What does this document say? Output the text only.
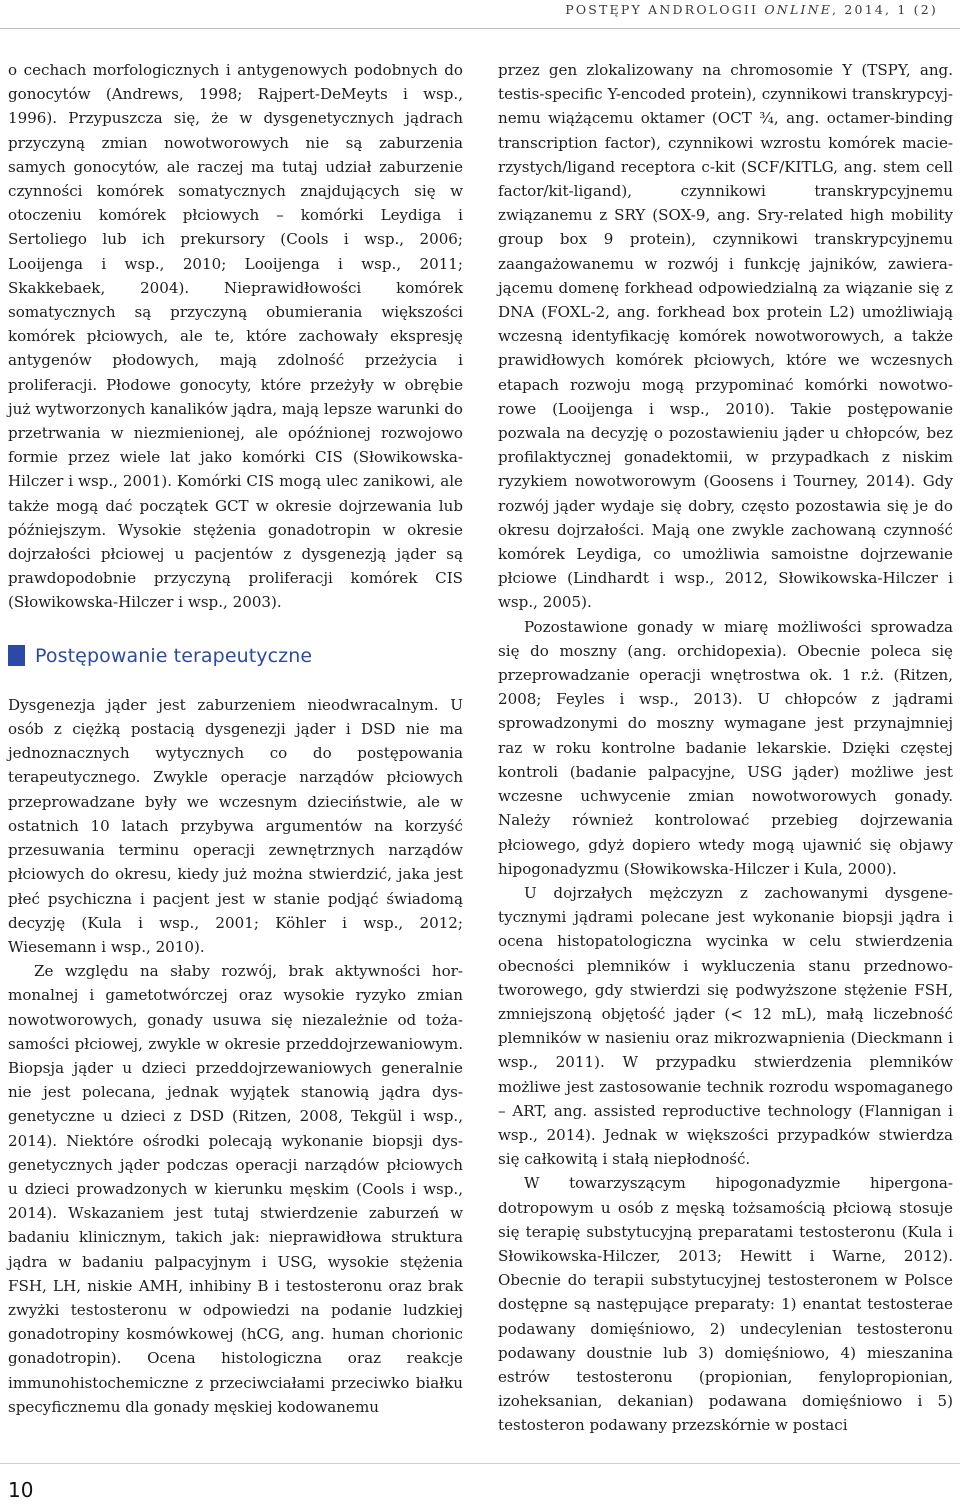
POSTĘPY ANDROLOGII ONLINE, 2014, 1 (2)

o cechach morfologicznych i antygenowych podobnych do gonocytów (Andrews, 1998; Rajpert-DeMeyts i wsp., 1996). Przypuszcza się, że w dysgenetycznych jądrach przyczyną zmian nowotworowych nie są zaburzenia samych gonocytów, ale raczej ma tutaj udział zaburzenie czynności komórek somatycznych znajdujących się w otoczeniu komórek płciowych – komórki Leydiga i Sertoliego lub ich prekursory (Cools i wsp., 2006; Looijenga i wsp., 2010; Looijenga i wsp., 2011; Skakkebaek, 2004). Nieprawidłowości komórek somatycznych są przyczyną obumierania większości komórek płciowych, ale te, które zachowały ekspresję antygenów płodowych, mają zdolność przeżycia i proliferacji. Płodowe gonocyty, które przeżyły w obrębie już wytworzonych kanalików jądra, mają lepsze warunki do przetrwania w niezmienionej, ale opóźnionej rozwojowo formie przez wiele lat jako komórki CIS (Słowikowska-Hilczer i wsp., 2001). Komórki CIS mogą ulec zanikowi, ale także mogą dać początek GCT w okresie dojrzewania lub późniejszym. Wysokie stężenia gonadotropin w okresie dojrzałości płciowej u pacjentów z dysgenezją jąder są prawdopodobnie przyczyną proliferacji komórek CIS (Słowikowska-Hilczer i wsp., 2003).

Postępowanie terapeutyczne

Dysgenezja jąder jest zaburzeniem nieodwracalnym. U osób z ciężką postacią dysgenezji jąder i DSD nie ma jednoznacznych wytycznych co do postępowania terapeutycznego. Zwykle operacje narządów płciowych przeprowadzane były we wczesnym dzieciństwie, ale w ostatnich 10 latach przybywa argumentów na korzyść przesuwania terminu operacji zewnętrznych narządów płciowych do okresu, kiedy już można stwierdzić, jaka jest płeć psychiczna i pacjent jest w stanie podjąć świadomą decyzję (Kula i wsp., 2001; Köhler i wsp., 2012; Wiesemann i wsp., 2010).

Ze względu na słaby rozwój, brak aktywności hormonalnej i gametotwórczej oraz wysokie ryzyko zmian nowotworowych, gonady usuwa się niezależnie od tożasamości płciowej, zwykle w okresie przeddojrzewaniowym. Biopsja jąder u dzieci przeddojrzewaniowych generalnie nie jest polecana, jednak wyjątek stanowią jądra dysgenetyczne u dzieci z DSD (Ritzen, 2008, Tekgül i wsp., 2014). Niektóre ośrodki polecają wykonanie biopsji dysgenetycznych jąder podczas operacji narządów płciowych u dzieci prowadzonych w kierunku męskim (Cools i wsp., 2014). Wskazaniem jest tutaj stwierdzenie zaburzeń w badaniu klinicznym, takich jak: nieprawidłowa struktura jądra w badaniu palpacyjnym i USG, wysokie stężenia FSH, LH, niskie AMH, inhibiny B i testosteronu oraz brak zwyżki testosteronu w odpowiedzi na podanie ludzkiej gonadotropiny kosmówkowej (hCG, ang. human chorionic gonadotropin). Ocena histologiczna oraz reakcje immunohistochemiczne z przeciwciałami przeciwko białku specyficznemu dla gonady męskiej kodowanemu

przez gen zlokalizowany na chromosomie Y (TSPY, ang. testis-specific Y-encoded protein), czynnikowi transkrypcyjnemu wiążącemu oktamer (OCT ¾, ang. octamer-binding transcription factor), czynnikowi wzrostu komórek macierzystych/ligand receptora c-kit (SCF/KITLG, ang. stem cell factor/kit-ligand), czynnikowi transkrypcyjnemu związanemu z SRY (SOX-9, ang. Sry-related high mobility group box 9 protein), czynnikowi transkrypcyjnemu zaangażowanemu w rozwój i funkcję jajników, zawierającemu domenę forkhead odpowiedzialną za wiązanie się z DNA (FOXL-2, ang. forkhead box protein L2) umożliwiają wczesną identyfikację komórek nowotworowych, a także prawidłowych komórek płciowych, które we wczesnych etapach rozwoju mogą przypominać komórki nowotworowe (Looijenga i wsp., 2010). Takie postępowanie pozwala na decyzję o pozostawieniu jąder u chłopców, bez profilaktycznej gonadektomii, w przypadkach z niskim ryzykiem nowotworowym (Goosens i Tourney, 2014). Gdy rozwój jąder wydaje się dobry, często pozostawia się je do okresu dojrzałości. Mają one zwykle zachowaną czynność komórek Leydiga, co umożliwia samoistne dojrzewanie płciowe (Lindhardt i wsp., 2012, Słowikowska-Hilczer i wsp., 2005).

Pozostawione gonady w miarę możliwości sprowadza się do moszny (ang. orchidopexia). Obecnie poleca się przeprowadzanie operacji wnętrostwa ok. 1 r.ż. (Ritzen, 2008; Feyles i wsp., 2013). U chłopców z jądrami sprowadzonymi do moszny wymagane jest przynajmniej raz w roku kontrolne badanie lekarskie. Dzięki częstej kontroli (badanie palpacyjne, USG jąder) możliwe jest wczesne uchwycenie zmian nowotworowych gonady. Należy również kontrolować przebieg dojrzewania płciowego, gdyż dopiero wtedy mogą ujawnić się objawy hipogonadyzmu (Słowikowska-Hilczer i Kula, 2000).

U dojrzałych mężczyzn z zachowanymi dysgenetycznymi jądrami polecane jest wykonanie biopsji jądra i ocena histopatologiczna wycinka w celu stwierdzenia obecności plemników i wykluczenia stanu przednowotworowego, gdy stwierdzi się podwyższone stężenie FSH, zmniejszoną objętość jąder (< 12 mL), małą liczebność plemników w nasieniu oraz mikrozwapnienia (Dieckmann i wsp., 2011). W przypadku stwierdzenia plemników możliwe jest zastosowanie technik rozrodu wspomaganego – ART, ang. assisted reproductive technology (Flannigan i wsp., 2014). Jednak w większości przypadków stwierdza się całkowitą i stałą niepłodność.

W towarzyszącym hipogonadyzmie hipergonadotropowym u osób z męską tożsamością płciową stosuje się terapię substytucyjną preparatami testosteronu (Kula i Słowikowska-Hilczer, 2013; Hewitt i Warne, 2012). Obecnie do terapii substytucyjnej testosteronem w Polsce dostępne są następujące preparaty: 1) enantat testosterae podawany domięśniowo, 2) undecylenian testosteronu podawany doustnie lub 3) domięśniowo, 4) mieszanina estrów testosteronu (propionian, fenylopropionian, izoheksanian, dekanian) podawana domięśniowo i 5) testosteron podawany przezskórnie w postaci

10
